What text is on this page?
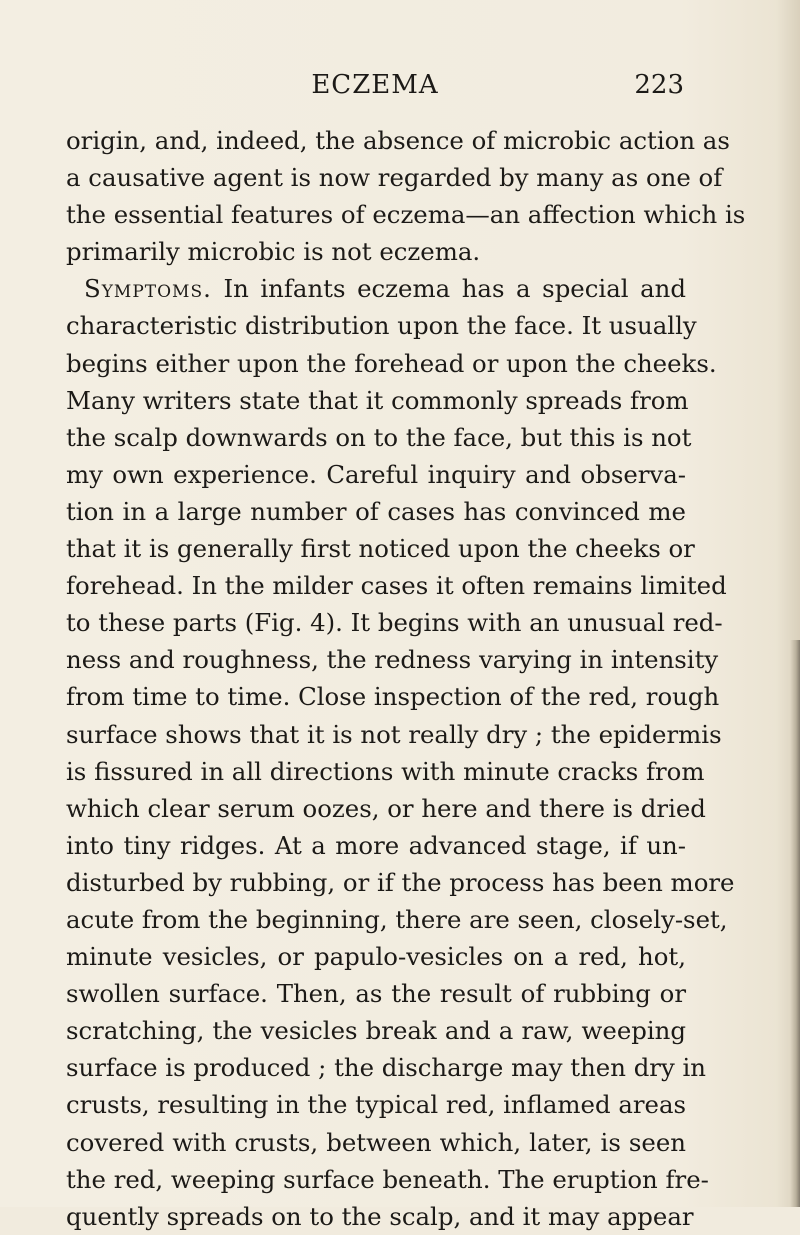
ECZEMA	223
origin, and, indeed, the absence of microbic action as
a causative agent is now regarded by many as one of
the essential features of eczema—an affection which is
primarily microbic is not eczema.
Symptoms. In infants eczema has a special and
characteristic distribution upon the face. It usually
begins either upon the forehead or upon the cheeks.
Many writers state that it commonly spreads from
the scalp downwards on to the face, but this is not
my own experience. Careful inquiry and observa-
tion in a large number of cases has convinced me
that it is generally first noticed upon the cheeks or
forehead. In the milder cases it often remains limited
to these parts (Fig. 4). It begins with an unusual red-
ness and roughness, the redness varying in intensity
from time to time. Close inspection of the red, rough
surface shows that it is not really dry ; the epidermis
is fissured in all directions with minute cracks from
which clear serum oozes, or here and there is dried
into tiny ridges. At a more advanced stage, if un-
disturbed by rubbing, or if the process has been more
acute from the beginning, there are seen, closely-set,
minute vesicles, or papulo-vesicles on a red, hot,
swollen surface. Then, as the result of rubbing or
scratching, the vesicles break and a raw, weeping
surface is produced ; the discharge may then dry in
crusts, resulting in the typical red, inflamed areas
covered with crusts, between which, later, is seen
the red, weeping surface beneath. The eruption fre-
quently spreads on to the scalp, and it may appear
